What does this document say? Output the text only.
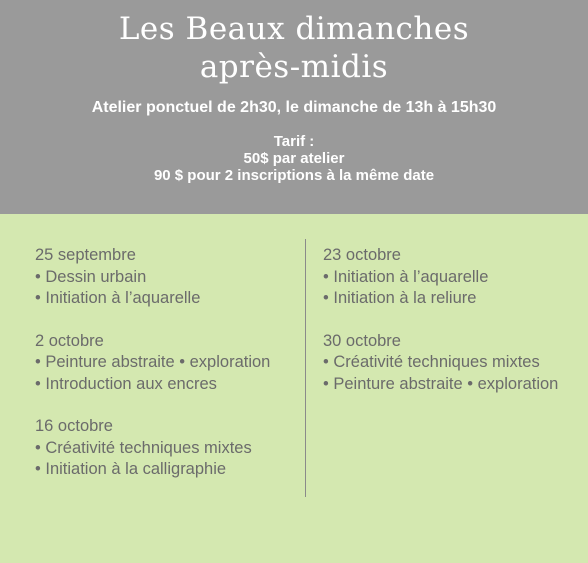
Les Beaux dimanches
après-midis
Atelier ponctuel de 2h30, le dimanche de 13h à 15h30
Tarif :
50$ par atelier
90 $ pour 2 inscriptions à la même date
25 septembre
• Dessin urbain
• Initiation à l’aquarelle
2 octobre
• Peinture abstraite • exploration
• Introduction aux encres
16 octobre
• Créativité techniques mixtes
• Initiation à la calligraphie
23 octobre
• Initiation à l’aquarelle
• Initiation à la reliure
30 octobre
• Créativité techniques mixtes
• Peinture abstraite • exploration
